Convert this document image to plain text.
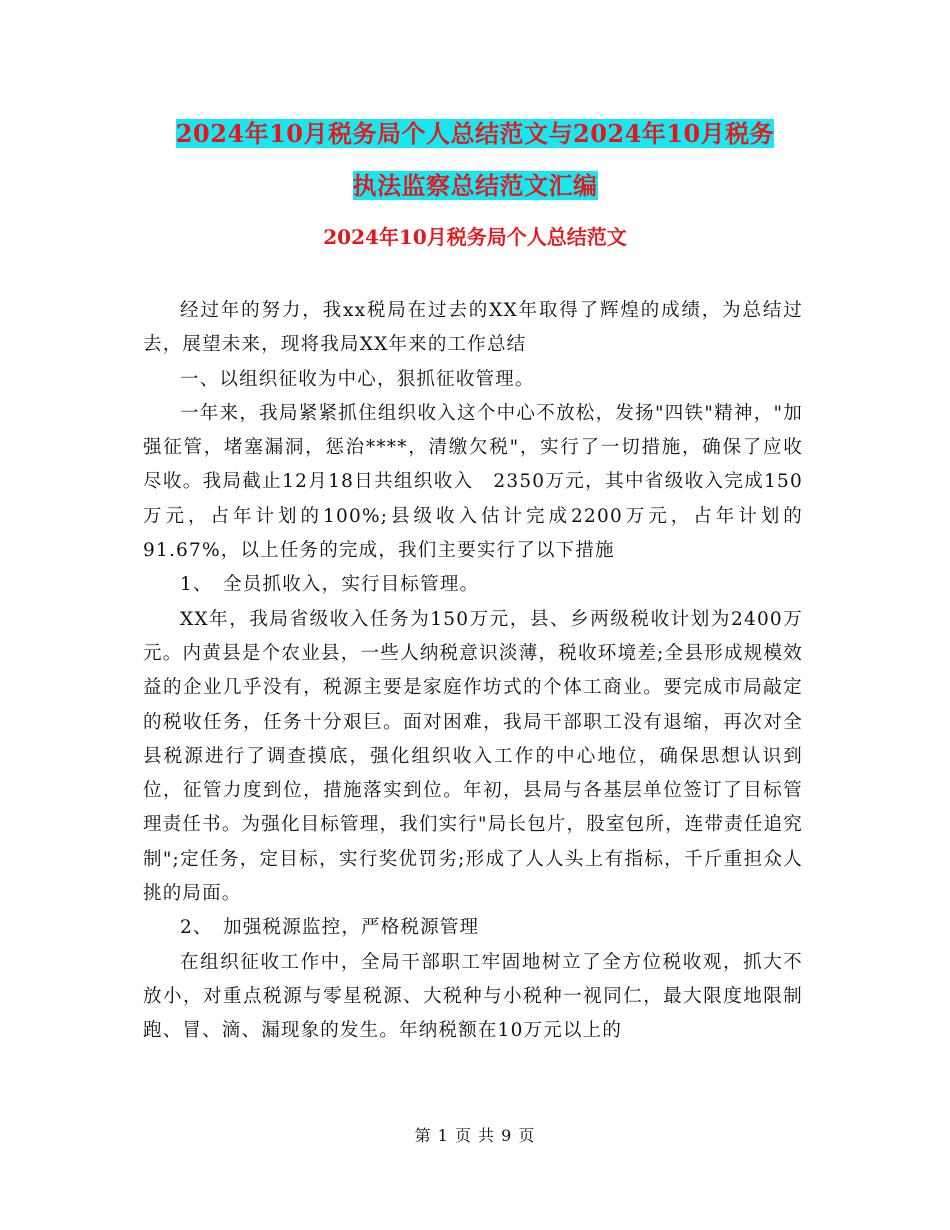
2024年10月税务局个人总结范文与2024年10月税务
执法监察总结范文汇编
2024年10月税务局个人总结范文

经过年的努力，我xx税局在过去的XX年取得了辉煌的成绩，为总结过去，展望未来，现将我局XX年来的工作总结

一、以组织征收为中心，狠抓征收管理。

一年来，我局紧紧抓住组织收入这个中心不放松，发扬"四铁"精神，"加强征管，堵塞漏洞，惩治****，清缴欠税"，实行了一切措施，确保了应收尽收。我局截止12月18日共组织收入　2350万元，其中省级收入完成150万元，占年计划的100%;县级收入估计完成2200万元，占年计划的91.67%，以上任务的完成，我们主要实行了以下措施

1、　全员抓收入，实行目标管理。

XX年，我局省级收入任务为150万元，县、乡两级税收计划为2400万元。内黄县是个农业县，一些人纳税意识淡薄，税收环境差;全县形成规模效益的企业几乎没有，税源主要是家庭作坊式的个体工商业。要完成市局敲定的税收任务，任务十分艰巨。面对困难，我局干部职工没有退缩，再次对全县税源进行了调查摸底，强化组织收入工作的中心地位，确保思想认识到位，征管力度到位，措施落实到位。年初，县局与各基层单位签订了目标管理责任书。为强化目标管理，我们实行"局长包片，股室包所，连带责任追究制";定任务，定目标，实行奖优罚劣;形成了人人头上有指标，千斤重担众人挑的局面。

2、　加强税源监控，严格税源管理

在组织征收工作中，全局干部职工牢固地树立了全方位税收观，抓大不放小，对重点税源与零星税源、大税种与小税种一视同仁，最大限度地限制跑、冒、滴、漏现象的发生。年纳税额在10万元以上的

第 1 页 共 9 页
